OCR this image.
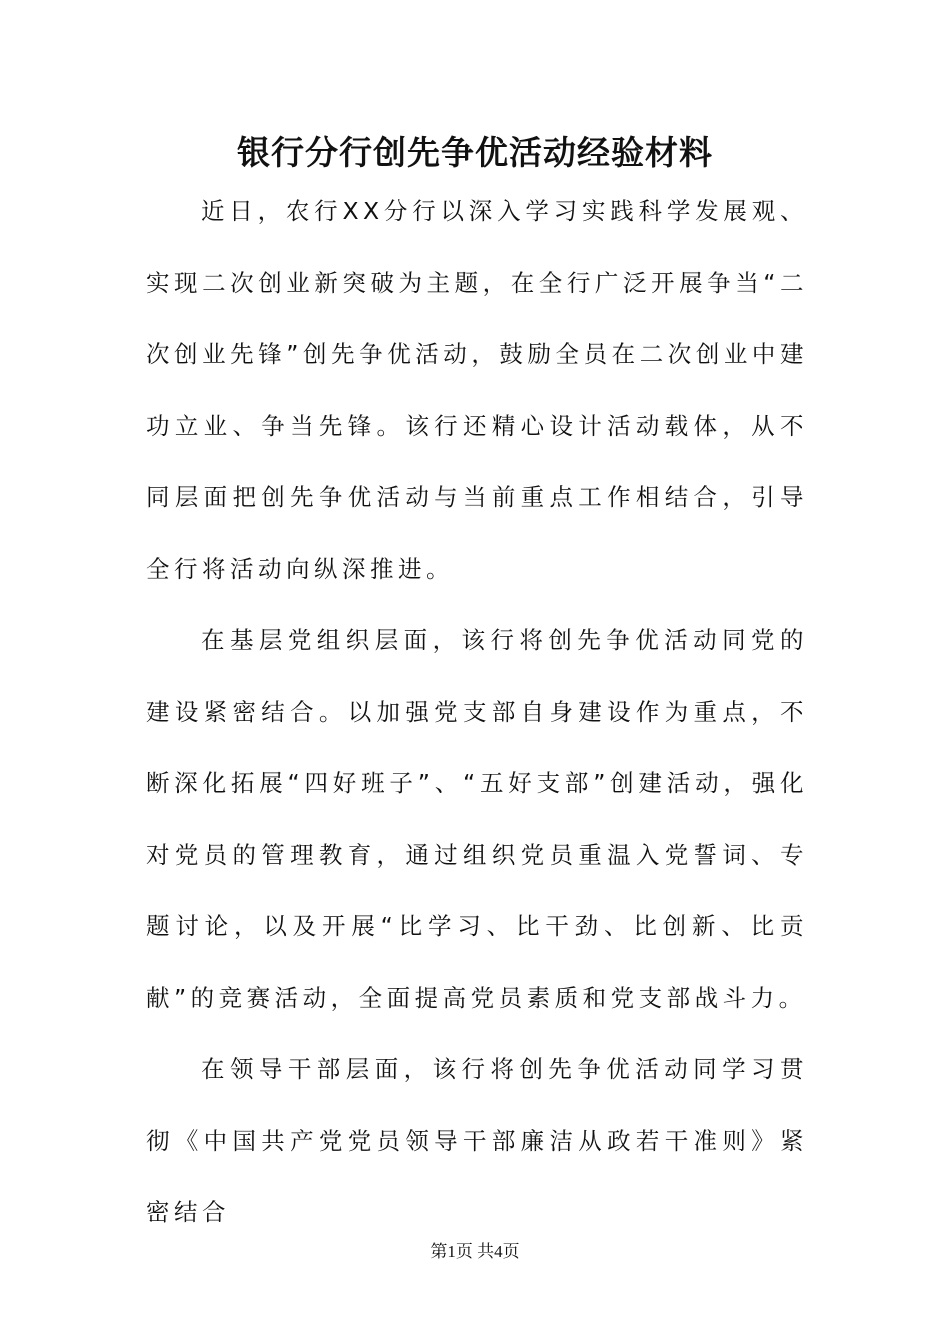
银行分行创先争优活动经验材料

近日，农行XX分行以深入学习实践科学发展观、实现二次创业新突破为主题，在全行广泛开展争当“二次创业先锋”创先争优活动，鼓励全员在二次创业中建功立业、争当先锋。该行还精心设计活动载体，从不同层面把创先争优活动与当前重点工作相结合，引导全行将活动向纵深推进。

在基层党组织层面，该行将创先争优活动同党的建设紧密结合。以加强党支部自身建设作为重点，不断深化拓展“四好班子”、“五好支部”创建活动，强化对党员的管理教育，通过组织党员重温入党誓词、专题讨论，以及开展“比学习、比干劲、比创新、比贡献”的竞赛活动，全面提高党员素质和党支部战斗力。

在领导干部层面，该行将创先争优活动同学习贯彻《中国共产党党员领导干部廉洁从政若干准则》紧密结合

第1页 共4页
